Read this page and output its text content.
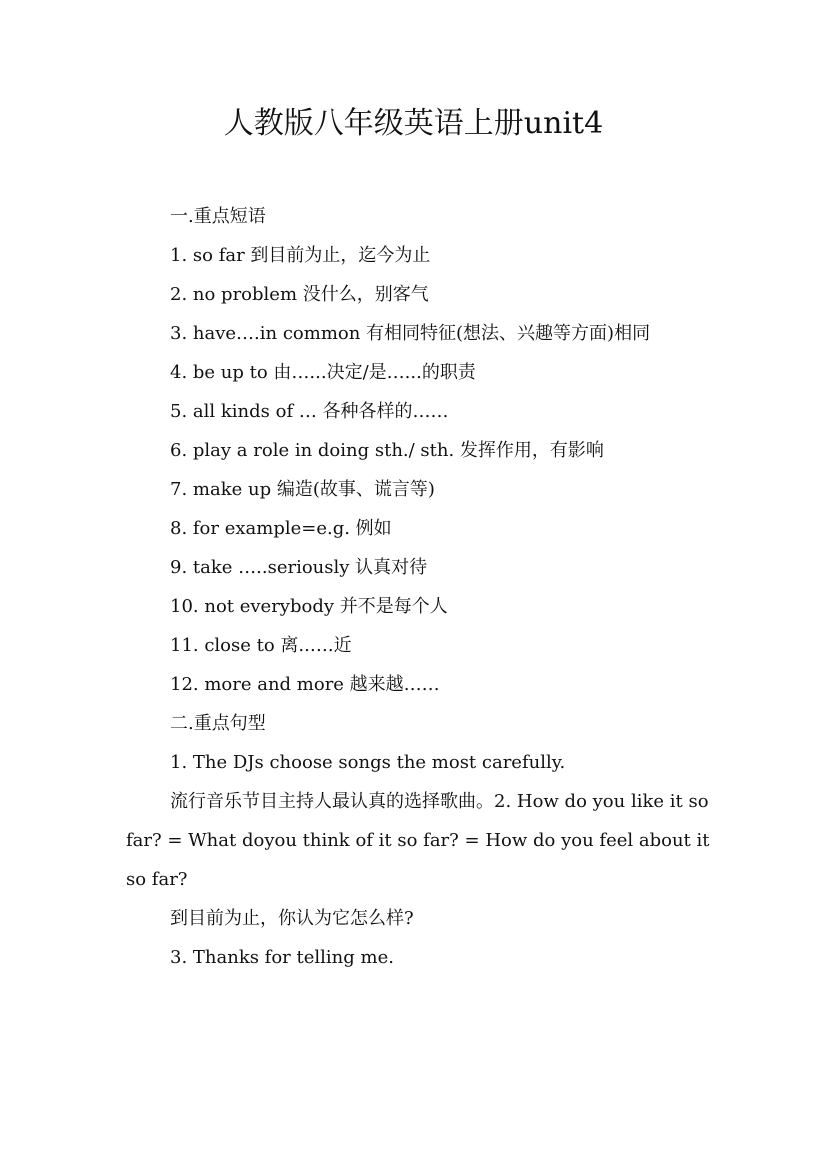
人教版八年级英语上册unit4
一.重点短语
1. so far 到目前为止，迄今为止
2. no problem 没什么，别客气
3. have….in common 有相同特征(想法、兴趣等方面)相同
4. be up to 由…...决定/是…...的职责
5. all kinds of … 各种各样的……
6. play a role in doing sth./ sth. 发挥作用，有影响
7. make up 编造(故事、谎言等)
8. for example=e.g. 例如
9. take …..seriously 认真对待
10. not everybody 并不是每个人
11. close to 离..….近
12. more and more 越来越……
二.重点句型
1. The DJs choose songs the most carefully.
流行音乐节目主持人最认真的选择歌曲。2. How do you like it so far? = What doyou think of it so far? = How do you feel about it so far?
到目前为止，你认为它怎么样?
3. Thanks for telling me.
